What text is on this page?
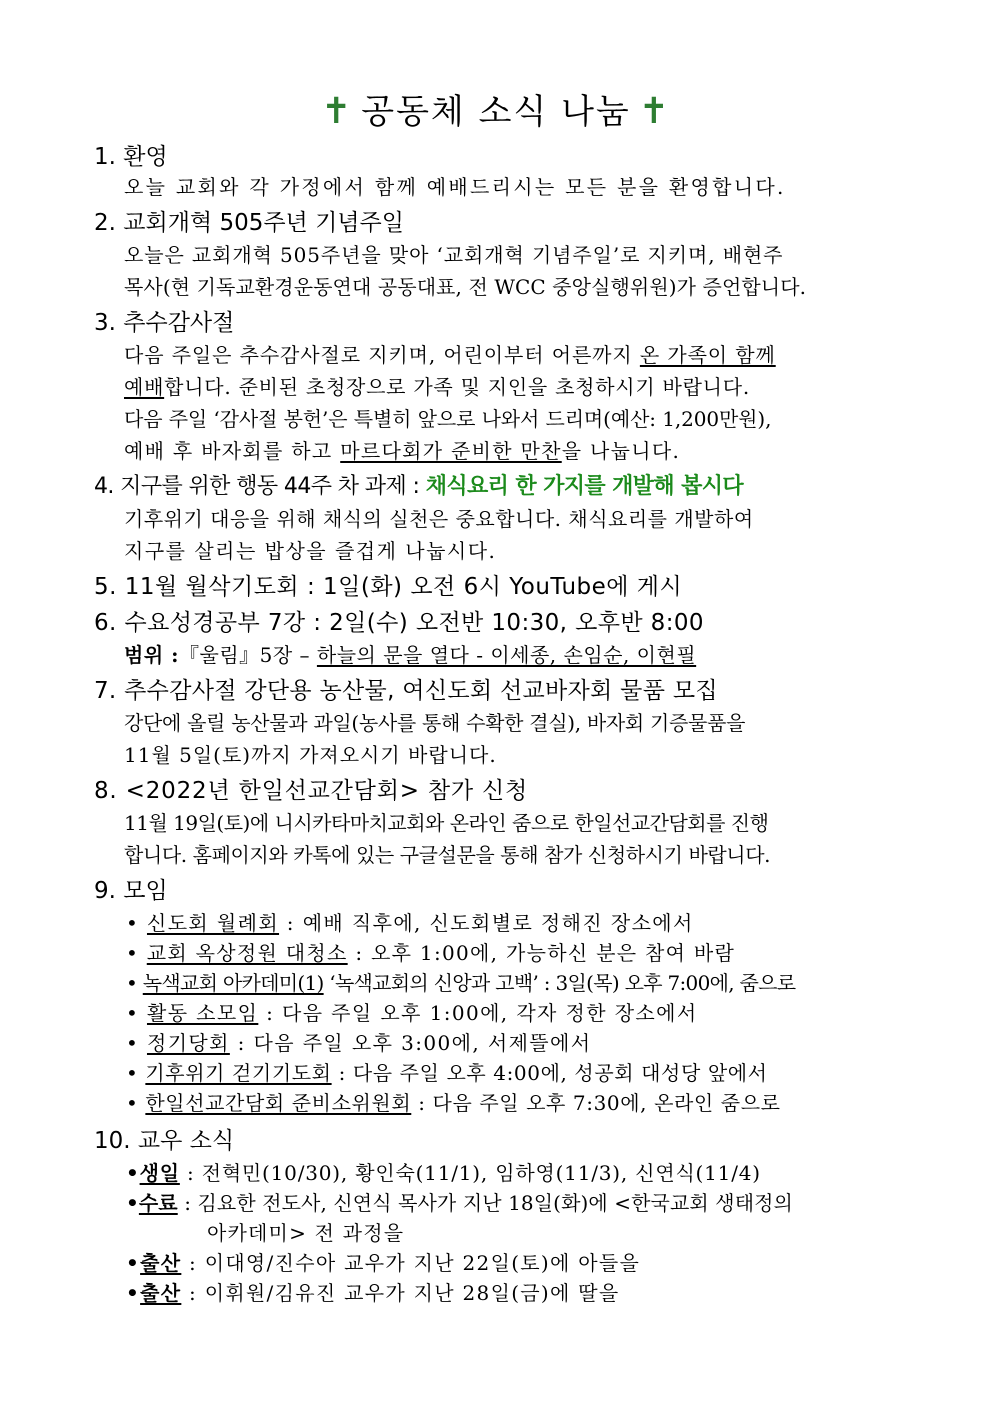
✝ 공동체 소식 나눔 ✝
1. 환영
오늘 교회와 각 가정에서 함께 예배드리시는 모든 분을 환영합니다.
2. 교회개혁 505주년 기념주일
오늘은 교회개혁 505주년을 맞아 ‘교회개혁 기념주일’로 지키며, 배현주
목사(현 기독교환경운동연대 공동대표, 전 WCC 중앙실행위원)가 증언합니다.
3. 추수감사절
다음 주일은 추수감사절로 지키며, 어린이부터 어른까지 온 가족이 함께
예배합니다. 준비된 초청장으로 가족 및 지인을 초청하시기 바랍니다.
다음 주일 ‘감사절 봉헌’은 특별히 앞으로 나와서 드리며(예산: 1,200만원),
예배 후 바자회를 하고 마르다회가 준비한 만찬을 나눕니다.
4. 지구를 위한 행동 44주 차 과제 : 채식요리 한 가지를 개발해 봅시다
기후위기 대응을 위해 채식의 실천은 중요합니다. 채식요리를 개발하여
지구를 살리는 밥상을 즐겁게 나눕시다.
5. 11월 월삭기도회 : 1일(화) 오전 6시 YouTube에 게시
6. 수요성경공부 7강 : 2일(수) 오전반 10:30, 오후반 8:00
범위 :『울림』5장 – 하늘의 문을 열다 - 이세종, 손임순, 이현필
7. 추수감사절 강단용 농산물, 여신도회 선교바자회 물품 모집
강단에 올릴 농산물과 과일(농사를 통해 수확한 결실), 바자회 기증물품을
11월 5일(토)까지 가져오시기 바랍니다.
8. <2022년 한일선교간담회> 참가 신청
11월 19일(토)에 니시카타마치교회와 온라인 줌으로 한일선교간담회를 진행
합니다. 홈페이지와 카톡에 있는 구글설문을 통해 참가 신청하시기 바랍니다.
9. 모임
• 신도회 월례회 : 예배 직후에, 신도회별로 정해진 장소에서
• 교회 옥상정원 대청소 : 오후 1:00에, 가능하신 분은 참여 바람
• 녹색교회 아카데미(1) ‘녹색교회의 신앙과 고백’ : 3일(목) 오후 7:00에, 줌으로
• 활동 소모임 : 다음 주일 오후 1:00에, 각자 정한 장소에서
• 정기당회 : 다음 주일 오후 3:00에, 서제뜰에서
• 기후위기 걷기기도회 : 다음 주일 오후 4:00에, 성공회 대성당 앞에서
• 한일선교간담회 준비소위원회 : 다음 주일 오후 7:30에, 온라인 줌으로
10. 교우 소식
•생일 : 전혁민(10/30), 황인숙(11/1), 임하영(11/3), 신연식(11/4)
•수료 : 김요한 전도사, 신연식 목사가 지난 18일(화)에 <한국교회 생태정의
아카데미> 전 과정을
•출산 : 이대영/진수아 교우가 지난 22일(토)에 아들을
•출산 : 이휘원/김유진 교우가 지난 28일(금)에 딸을
